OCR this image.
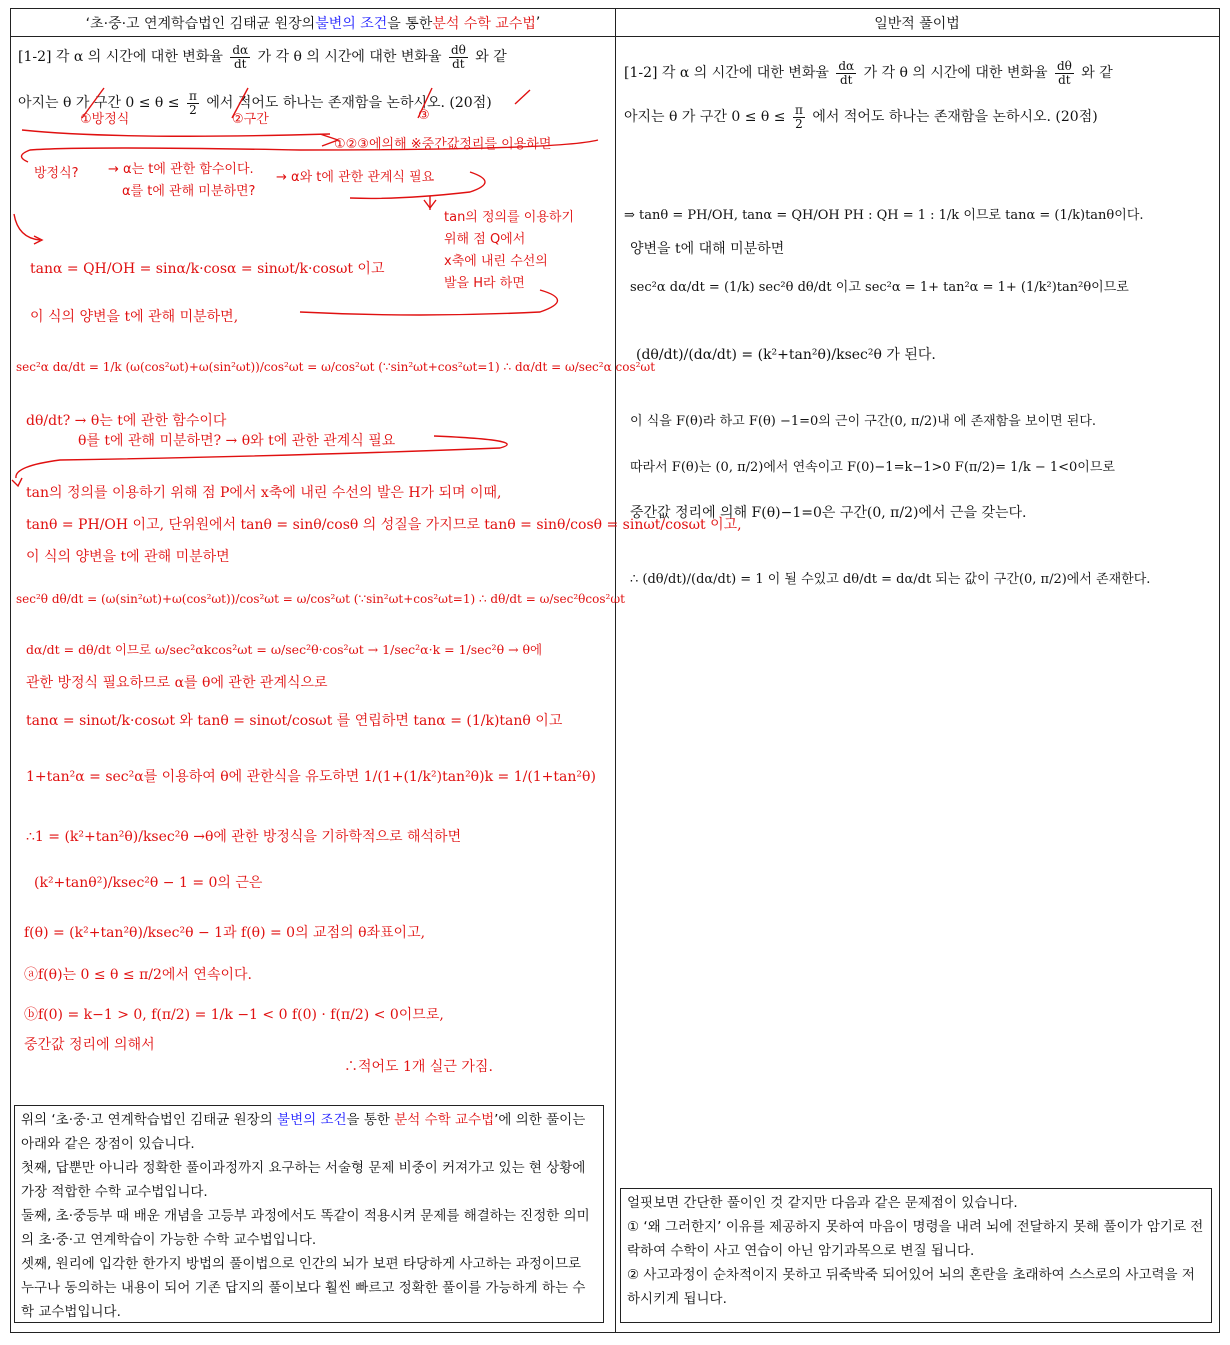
‘초·중·고 연계학습법인 김태균 원장의 불변의 조건 을 통한 분석 수학 교수법 ’	일반적 풀이법
[1-2] 각 α 의 시간에 대한 변화율 $\frac{d\alpha}{dt}$ 가 각 θ 의 시간에 대한 변화율 $\frac{d\theta}{dt}$ 와 같
아지는 θ 가 구간 $0 \le \theta \le \frac{\pi}{2}$ 에서 적어도 하나는 존재함을 논하시오. (20점)
①방정식	②구간	③
①②③에의해 ※중간값정리를 이용하면
방정식? → α는 t에 관한 함수이다.
α를 t에 관해 미분하면?
→ α와 t에 관한 관계식 필요
tan의 정의를 이용하기
위해 점 Q에서
x축에 내린 수선의
발을 H라 하면
tanα = QH/OH = sinα/k·cosα = sinωt/k·cosωt 이고
이 식의 양변을 t에 관해 미분하면,
sec²α dα/dt = 1/k (ω(cos²ωt)+ω(sin²ωt))/cos²ωt = ω/cos²ωt (∵sin²ωt+cos²ωt=1) ∴ dα/dt = ω/sec²α cos²ωt
dθ/dt? → θ는 t에 관한 함수이다
θ를 t에 관해 미분하면? → θ와 t에 관한 관계식 필요
tan의 정의를 이용하기 위해 점 P에서 x축에 내린 수선의 발은 H가 되며 이때,
tanθ = PH/OH 이고, 단위원에서 tanθ = sinθ/cosθ 의 성질을 가지므로 tanθ = sinθ/cosθ = sinωt/cosωt 이고,
이 식의 양변을 t에 관해 미분하면
sec²θ dθ/dt = (ω(sin²ωt)+ω(cos²ωt))/cos²ωt = ω/cos²ωt (∵sin²ωt+cos²ωt=1) ∴ dθ/dt = ω/sec²θcos²ωt
dα/dt = dθ/dt 이므로 ω/sec²αkcos²ωt = ω/sec²θ·cos²ωt → 1/sec²α·k = 1/sec²θ → θ에
관한 방정식 필요하므로 α를 θ에 관한 관계식으로
tanα = sinωt/k·cosωt 와 tanθ = sinωt/cosωt 를 연립하면 tanα = (1/k)tanθ 이고
1+tan²α = sec²α를 이용하여 θ에 관한식을 유도하면 1/(1+(1/k²)tan²θ)k = 1/(1+tan²θ)
∴1 = (k²+tan²θ)/ksec²θ →θ에 관한 방정식을 기하학적으로 해석하면
(k²+tanθ²)/ksec²θ − 1 = 0의 근은
f(θ) = (k²+tan²θ)/ksec²θ − 1과 f(θ) = 0의 교점의 θ좌표이고,
ⓐf(θ)는 0 ≤ θ ≤ π/2에서 연속이다.
ⓑf(0) = k−1 > 0, f(π/2) = 1/k −1 < 0 f(0) · f(π/2) < 0이므로,
중간값 정리에 의해서
∴적어도 1개 실근 가짐.

위의 ‘초·중·고 연계학습법인 김태균 원장의 불변의 조건을 통한 분석 수학 교수법’에 의한 풀이는 아래와 같은 장점이 있습니다.

첫째, 답뿐만 아니라 정확한 풀이과정까지 요구하는 서술형 문제 비중이 커져가고 있는 현 상황에 가장 적합한 수학 교수법입니다.

둘째, 초·중등부 때 배운 개념을 고등부 과정에서도 똑같이 적용시켜 문제를 해결하는 진정한 의미의 초·중·고 연계학습이 가능한 수학 교수법입니다.

셋째, 원리에 입각한 한가지 방법의 풀이법으로 인간의 뇌가 보편 타당하게 사고하는 과정이므로 누구나 동의하는 내용이 되어 기존 답지의 풀이보다 훨씬 빠르고 정확한 풀이를 가능하게 하는 수학 교수법입니다.

[1-2] 각 α 의 시간에 대한 변화율 $\frac{d\alpha}{dt}$ 가 각 θ 의 시간에 대한 변화율 $\frac{d\theta}{dt}$ 와 같
아지는 θ 가 구간 $0 \le \theta \le \frac{\pi}{2}$ 에서 적어도 하나는 존재함을 논하시오. (20점)
⇒ tanθ = PH/OH, tanα = QH/OH PH : QH = 1 : 1/k 이므로 tanα = (1/k)tanθ이다.
양변을 t에 대해 미분하면
sec²α dα/dt = (1/k) sec²θ dθ/dt 이고 sec²α = 1+ tan²α = 1+ (1/k²)tan²θ이므로
(dθ/dt)/(dα/dt) = (k²+tan²θ)/ksec²θ 가 된다.
이 식을 F(θ)라 하고 F(θ) −1=0의 근이 구간(0, π/2)내 에 존재함을 보이면 된다.
따라서 F(θ)는 (0, π/2)에서 연속이고 F(0)−1=k−1>0 F(π/2)= 1/k − 1<0이므로
중간값 정리에 의해 F(θ)−1=0은 구간(0, π/2)에서 근을 갖는다.
∴ (dθ/dt)/(dα/dt) = 1 이 될 수있고 dθ/dt = dα/dt 되는 값이 구간(0, π/2)에서 존재한다.

얼핏보면 간단한 풀이인 것 같지만 다음과 같은 문제점이 있습니다.

① ‘왜 그러한지’ 이유를 제공하지 못하여 마음이 명령을 내려 뇌에 전달하지 못해 풀이가 암기로 전락하여 수학이 사고 연습이 아닌 암기과목으로 변질 됩니다.

② 사고과정이 순차적이지 못하고 뒤죽박죽 되어있어 뇌의 혼란을 초래하여 스스로의 사고력을 저하시키게 됩니다.
